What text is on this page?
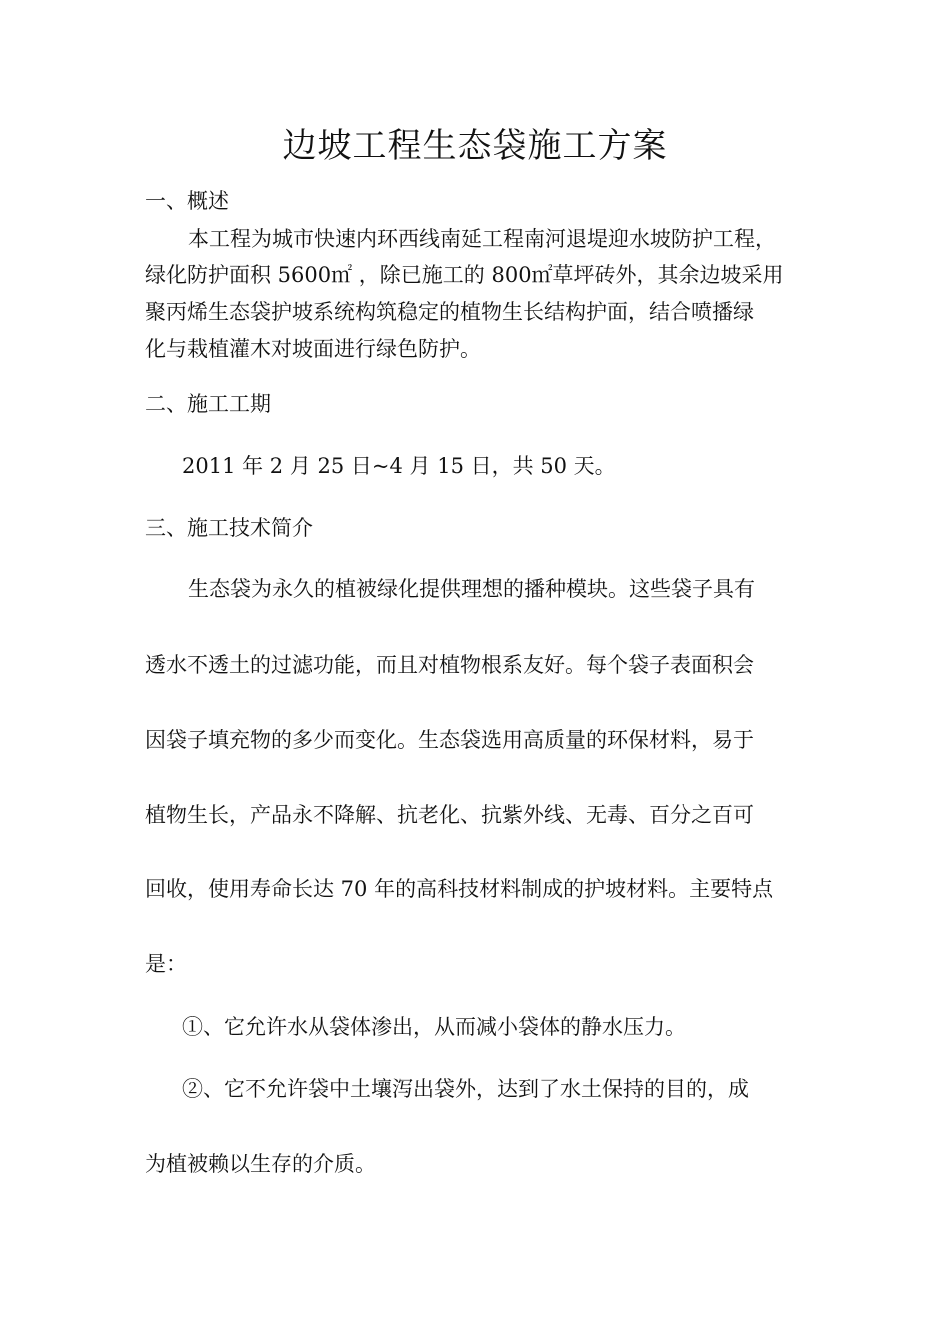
边坡工程生态袋施工方案
一、概述
本工程为城市快速内环西线南延工程南河退堤迎水坡防护工程，
绿化防护面积 5600㎡ ，除已施工的 800㎡草坪砖外，其余边坡采用
聚丙烯生态袋护坡系统构筑稳定的植物生长结构护面，结合喷播绿
化与栽植灌木对坡面进行绿色防护。
二、施工工期
2011 年 2 月 25 日~4 月 15 日，共 50 天。
三、施工技术简介
生态袋为永久的植被绿化提供理想的播种模块。这些袋子具有
透水不透土的过滤功能，而且对植物根系友好。每个袋子表面积会
因袋子填充物的多少而变化。生态袋选用高质量的环保材料，易于
植物生长，产品永不降解、抗老化、抗紫外线、无毒、百分之百可
回收，使用寿命长达 70 年的高科技材料制成的护坡材料。主要特点
是：
①、它允许水从袋体渗出，从而减小袋体的静水压力。
②、它不允许袋中土壤泻出袋外，达到了水土保持的目的，成
为植被赖以生存的介质。
